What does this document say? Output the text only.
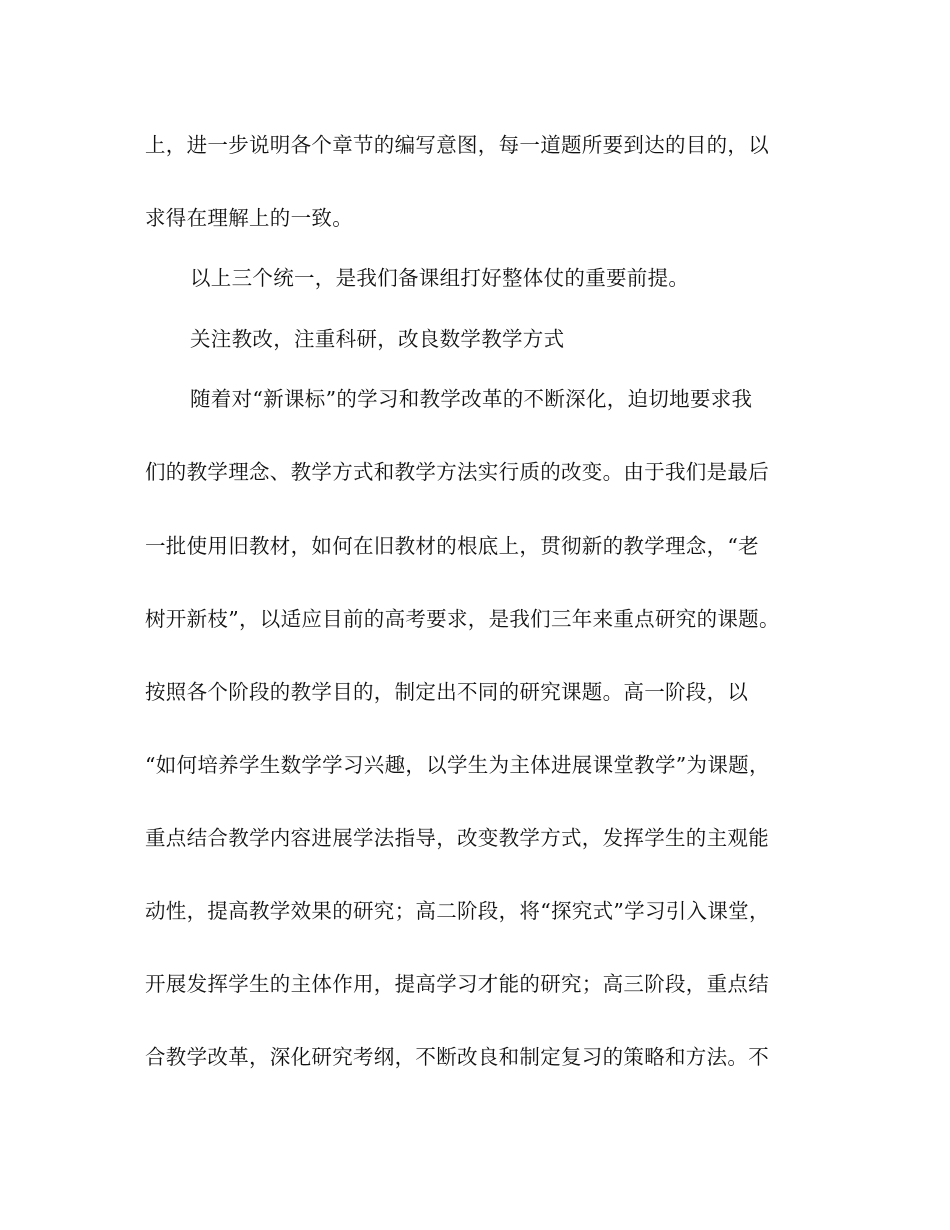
上，进一步说明各个章节的编写意图，每一道题所要到达的目的，以
求得在理解上的一致。
以上三个统一，是我们备课组打好整体仗的重要前提。
关注教改，注重科研，改良数学教学方式
随着对“新课标”的学习和教学改革的不断深化，迫切地要求我
们的教学理念、教学方式和教学方法实行质的改变。由于我们是最后
一批使用旧教材，如何在旧教材的根底上，贯彻新的教学理念，“老
树开新枝”，以适应目前的高考要求，是我们三年来重点研究的课题。
按照各个阶段的教学目的，制定出不同的研究课题。高一阶段，以
“如何培养学生数学学习兴趣，以学生为主体进展课堂教学”为课题，
重点结合教学内容进展学法指导，改变教学方式，发挥学生的主观能
动性，提高教学效果的研究；高二阶段，将“探究式”学习引入课堂，
开展发挥学生的主体作用，提高学习才能的研究；高三阶段，重点结
合教学改革，深化研究考纲，不断改良和制定复习的策略和方法。不
